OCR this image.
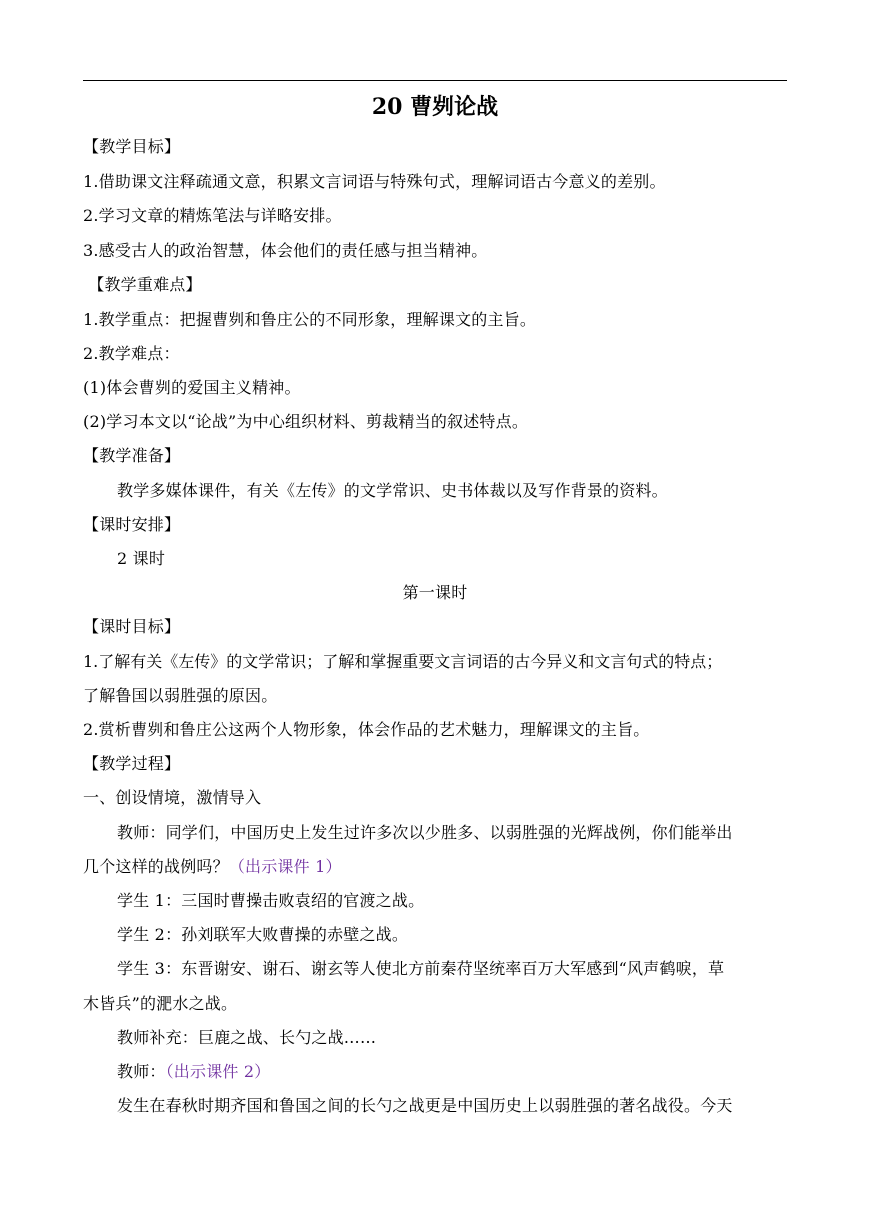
20 曹刿论战
【教学目标】
1.借助课文注释疏通文意，积累文言词语与特殊句式，理解词语古今意义的差别。
2.学习文章的精炼笔法与详略安排。
3.感受古人的政治智慧，体会他们的责任感与担当精神。
【教学重难点】
1.教学重点：把握曹刿和鲁庄公的不同形象，理解课文的主旨。
2.教学难点：
(1)体会曹刿的爱国主义精神。
(2)学习本文以“论战”为中心组织材料、剪裁精当的叙述特点。
【教学准备】
教学多媒体课件，有关《左传》的文学常识、史书体裁以及写作背景的资料。
【课时安排】
2 课时
第一课时
【课时目标】
1.了解有关《左传》的文学常识；了解和掌握重要文言词语的古今异义和文言句式的特点；
了解鲁国以弱胜强的原因。
2.赏析曹刿和鲁庄公这两个人物形象，体会作品的艺术魅力，理解课文的主旨。
【教学过程】
一、创设情境，激情导入
教师：同学们，中国历史上发生过许多次以少胜多、以弱胜强的光辉战例，你们能举出
几个这样的战例吗？（出示课件 1）
学生 1：三国时曹操击败袁绍的官渡之战。
学生 2：孙刘联军大败曹操的赤壁之战。
学生 3：东晋谢安、谢石、谢玄等人使北方前秦苻坚统率百万大军感到“风声鹤唳，草
木皆兵”的淝水之战。
教师补充：巨鹿之战、长勺之战……
教师：（出示课件 2）
发生在春秋时期齐国和鲁国之间的长勺之战更是中国历史上以弱胜强的著名战役。今天
